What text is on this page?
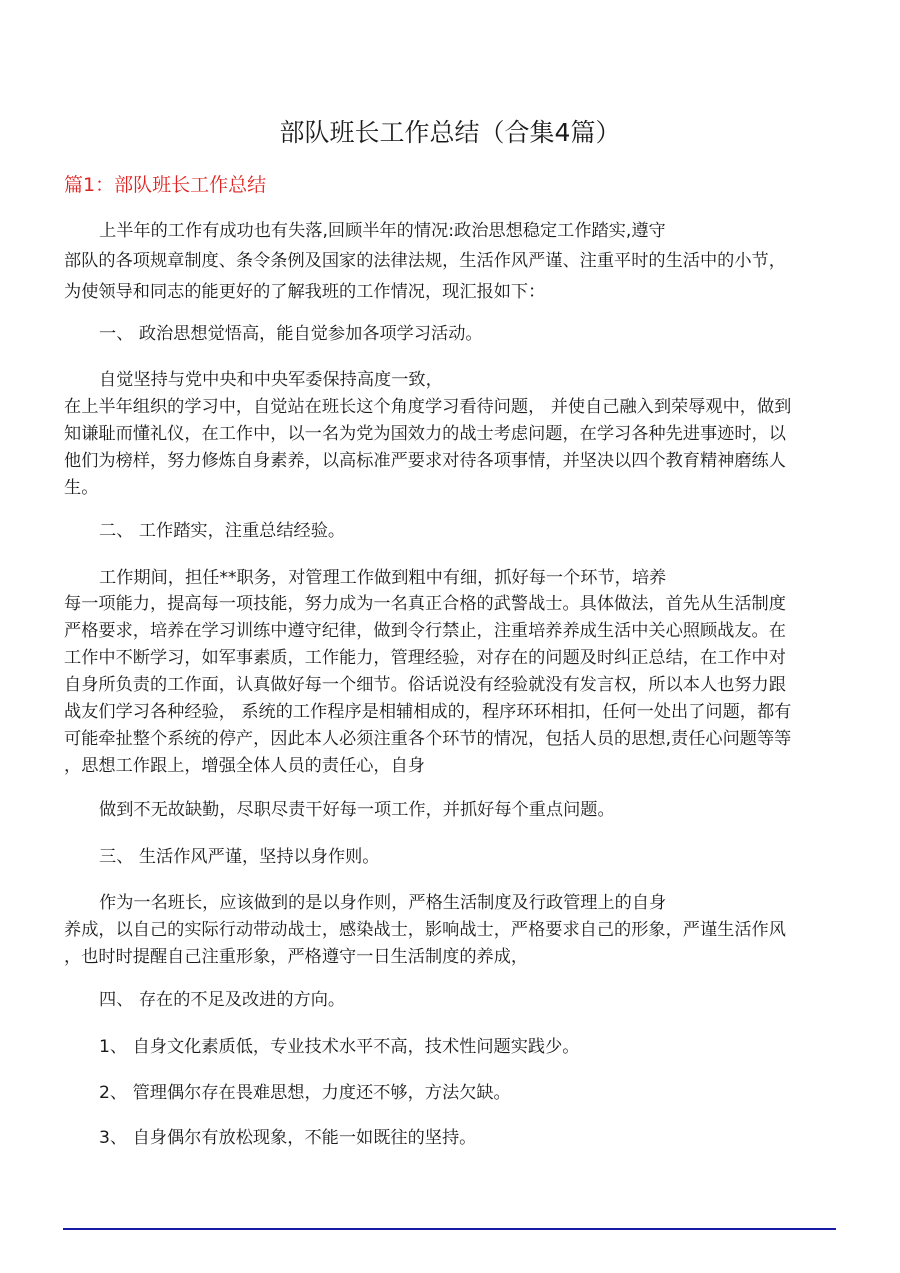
部队班长工作总结（合集4篇）
篇1：部队班长工作总结
上半年的工作有成功也有失落,回顾半年的情况:政治思想稳定工作踏实,遵守
部队的各项规章制度、条令条例及国家的法律法规，生活作风严谨、注重平时的生活中的小节，
为使领导和同志的能更好的了解我班的工作情况，现汇报如下：
一、 政治思想觉悟高，能自觉参加各项学习活动。
自觉坚持与党中央和中央军委保持高度一致，
在上半年组织的学习中，自觉站在班长这个角度学习看待问题， 并使自己融入到荣辱观中，做到
知谦耻而懂礼仪，在工作中，以一名为党为国效力的战士考虑问题，在学习各种先进事迹时，以
他们为榜样，努力修炼自身素养，以高标准严要求对待各项事情，并坚决以四个教育精神磨练人
生。
二、 工作踏实，注重总结经验。
工作期间，担任**职务，对管理工作做到粗中有细，抓好每一个环节，培养
每一项能力，提高每一项技能，努力成为一名真正合格的武警战士。具体做法，首先从生活制度
严格要求，培养在学习训练中遵守纪律，做到令行禁止，注重培养养成生活中关心照顾战友。在
工作中不断学习，如军事素质，工作能力，管理经验，对存在的问题及时纠正总结，在工作中对
自身所负责的工作面，认真做好每一个细节。俗话说没有经验就没有发言权，所以本人也努力跟
战友们学习各种经验， 系统的工作程序是相辅相成的，程序环环相扣，任何一处出了问题，都有
可能牵扯整个系统的停产，因此本人必须注重各个环节的情况，包括人员的思想,责任心问题等等
，思想工作跟上，增强全体人员的责任心，自身
做到不无故缺勤，尽职尽责干好每一项工作，并抓好每个重点问题。
三、 生活作风严谨，坚持以身作则。
作为一名班长，应该做到的是以身作则，严格生活制度及行政管理上的自身
养成，以自己的实际行动带动战士，感染战士，影响战士，严格要求自己的形象，严谨生活作风
，也时时提醒自己注重形象，严格遵守一日生活制度的养成，
四、 存在的不足及改进的方向。
1、 自身文化素质低，专业技术水平不高，技术性问题实践少。
2、 管理偶尔存在畏难思想，力度还不够，方法欠缺。
3、 自身偶尔有放松现象，不能一如既往的坚持。
